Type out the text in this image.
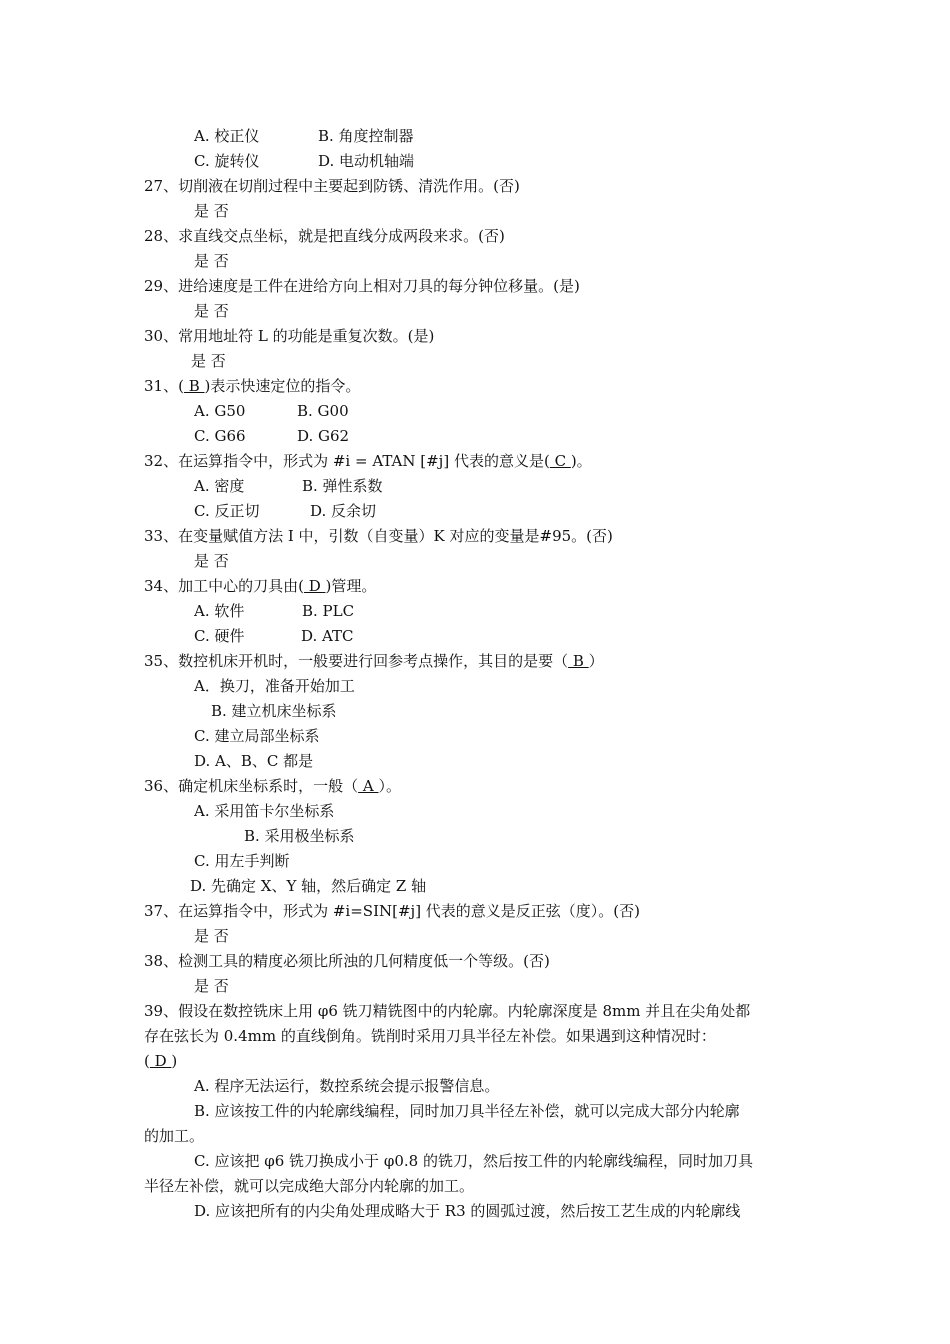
A. 校正仪	B. 角度控制器
C. 旋转仪	D. 电动机轴端
27、切削液在切削过程中主要起到防锈、清洗作用。(否)
是 否
28、求直线交点坐标，就是把直线分成两段来求。(否)
是 否
29、进给速度是工件在进给方向上相对刀具的每分钟位移量。(是)
是 否
30、常用地址符 L 的功能是重复次数。(是)
是 否
31、( B )表示快速定位的指令。
A. G50	B. G00
C. G66	D. G62
32、在运算指令中，形式为 #i = ATAN [#j] 代表的意义是( C )。
A. 密度	B. 弹性系数
C. 反正切	D. 反余切
33、在变量赋值方法 I 中，引数（自变量）K 对应的变量是#95。(否)
是 否
34、加工中心的刀具由( D )管理。
A. 软件	B. PLC
C. 硬件	D. ATC
35、数控机床开机时，一般要进行回参考点操作，其目的是要（ B ）
A．换刀，准备开始加工
B. 建立机床坐标系
C. 建立局部坐标系
D. A、B、C 都是
36、确定机床坐标系时，一般（ A ）。
A. 采用笛卡尔坐标系
B. 采用极坐标系
C. 用左手判断
D. 先确定 X、Y 轴，然后确定 Z 轴
37、在运算指令中，形式为 #i=SIN[#j] 代表的意义是反正弦（度）。(否)
是 否
38、检测工具的精度必须比所浊的几何精度低一个等级。(否)
是 否
39、假设在数控铣床上用 φ6 铣刀精铣图中的内轮廓。内轮廓深度是 8mm 并且在尖角处都
存在弦长为 0.4mm 的直线倒角。铣削时采用刀具半径左补偿。如果遇到这种情况时：
( D )
A. 程序无法运行，数控系统会提示报警信息。
B. 应该按工件的内轮廓线编程，同时加刀具半径左补偿，就可以完成大部分内轮廓
的加工。
C. 应该把 φ6 铣刀换成小于 φ0.8 的铣刀，然后按工件的内轮廓线编程，同时加刀具
半径左补偿，就可以完成绝大部分内轮廓的加工。
D. 应该把所有的内尖角处理成略大于 R3 的圆弧过渡，然后按工艺生成的内轮廓线
